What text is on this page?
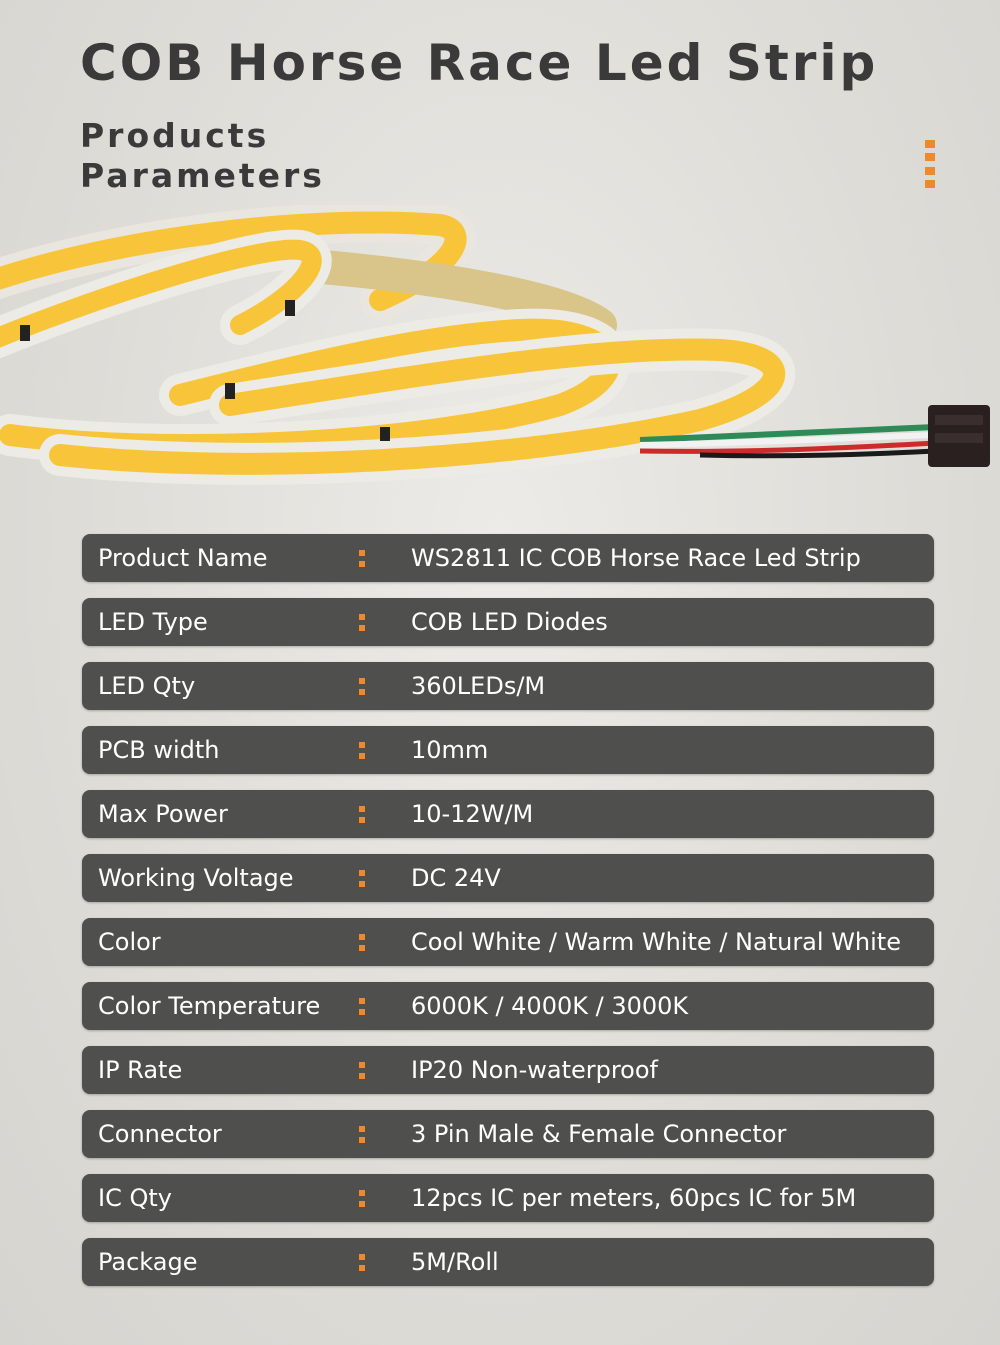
COB Horse Race Led Strip
Products
Parameters
Product Name	WS2811 IC COB Horse Race Led Strip
LED Type	COB LED Diodes
LED Qty	360LEDs/M
PCB width	10mm
Max Power	10-12W/M
Working Voltage	DC 24V
Color	Cool White / Warm White / Natural White
Color Temperature	6000K / 4000K / 3000K
IP Rate	IP20 Non-waterproof
Connector	3 Pin Male & Female Connector
IC Qty	12pcs IC per meters, 60pcs IC for 5M
Package	5M/Roll
